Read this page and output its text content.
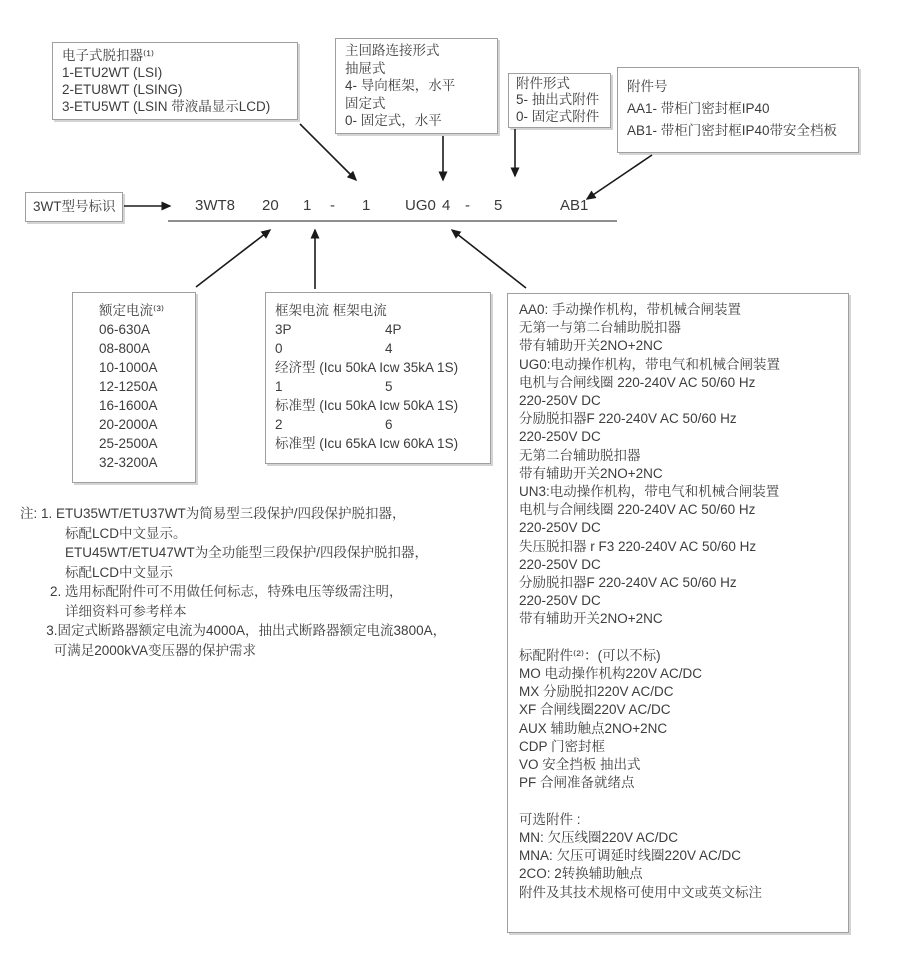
电子式脱扣器⁽¹⁾
1-ETU2WT (LSI)
2-ETU8WT (LSING)
3-ETU5WT (LSIN 带液晶显示LCD)
主回路连接形式
抽屉式
4- 导向框架，水平
固定式
0- 固定式，水平
附件形式
5- 抽出式附件
0- 固定式附件
附件号
AA1- 带柜门密封框IP40
AB1- 带柜门密封框IP40带安全档板
3WT型号标识	3WT8 20 1 - 1 UG0 4 - 5	AB1
额定电流⁽³⁾
06-630A
08-800A
10-1000A
12-1250A
16-1600A
20-2000A
25-2500A
32-3200A
框架电流 框架电流
3P	4P
0	4
经济型 (Icu 50kA Icw 35kA 1S)
1	5
标准型 (Icu 50kA Icw 50kA 1S)
2	6
标准型 (Icu 65kA Icw 60kA 1S)
AA0: 手动操作机构，带机械合闸装置
无第一与第二台辅助脱扣器
带有辅助开关2NO+2NC
UG0:电动操作机构，带电气和机械合闸装置
电机与合闸线圈 220-240V AC 50/60 Hz
220-250V DC
分励脱扣器F 220-240V AC 50/60 Hz
220-250V DC
无第二台辅助脱扣器
带有辅助开关2NO+2NC
UN3:电动操作机构，带电气和机械合闸装置
电机与合闸线圈 220-240V AC 50/60 Hz
220-250V DC
失压脱扣器 r F3 220-240V AC 50/60 Hz
220-250V DC
分励脱扣器F 220-240V AC 50/60 Hz
220-250V DC
带有辅助开关2NO+2NC

标配附件⁽²⁾：(可以不标)
MO 电动操作机构220V AC/DC
MX 分励脱扣220V AC/DC
XF 合闸线圈220V AC/DC
AUX 辅助触点2NO+2NC
CDP 门密封框
VO 安全挡板 抽出式
PF 合闸准备就绪点

可选附件 :
MN: 欠压线圈220V AC/DC
MNA: 欠压可调延时线圈220V AC/DC
2CO: 2转换辅助触点
附件及其技术规格可使用中文或英文标注
注: 1. ETU35WT/ETU37WT为简易型三段保护/四段保护脱扣器，
标配LCD中文显示。
ETU45WT/ETU47WT为全功能型三段保护/四段保护脱扣器，
标配LCD中文显示
2. 选用标配附件可不用做任何标志，特殊电压等级需注明，
详细资料可参考样本
3.固定式断路器额定电流为4000A，抽出式断路器额定电流3800A，
可满足2000kVA变压器的保护需求
